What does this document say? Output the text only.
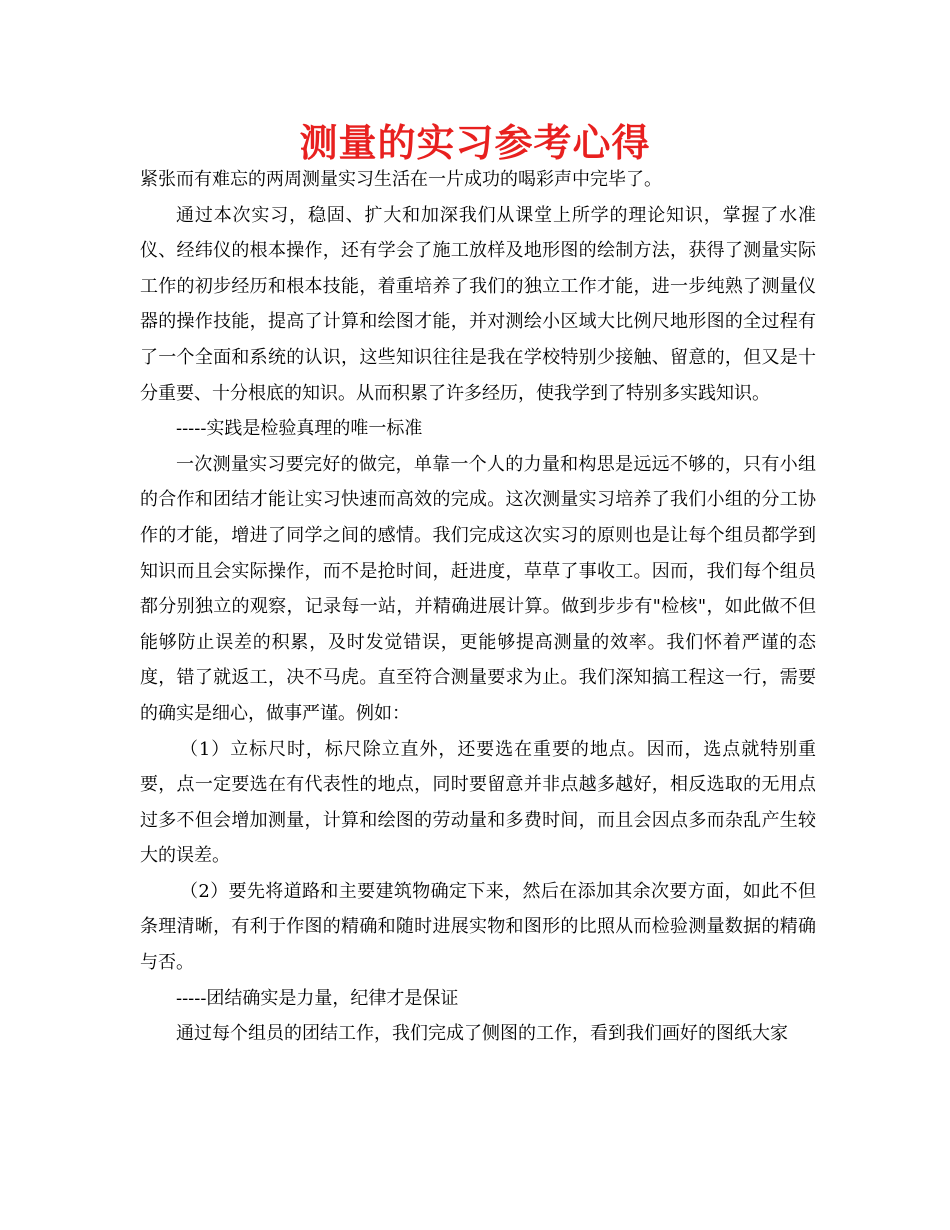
测量的实习参考心得

紧张而有难忘的两周测量实习生活在一片成功的喝彩声中完毕了。

通过本次实习，稳固、扩大和加深我们从课堂上所学的理论知识，掌握了水准仪、经纬仪的根本操作，还有学会了施工放样及地形图的绘制方法，获得了测量实际工作的初步经历和根本技能，着重培养了我们的独立工作才能，进一步纯熟了测量仪器的操作技能，提高了计算和绘图才能，并对测绘小区域大比例尺地形图的全过程有了一个全面和系统的认识，这些知识往往是我在学校特别少接触、留意的，但又是十分重要、十分根底的知识。从而积累了许多经历，使我学到了特别多实践知识。

-----实践是检验真理的唯一标准

一次测量实习要完好的做完，单靠一个人的力量和构思是远远不够的，只有小组的合作和团结才能让实习快速而高效的完成。这次测量实习培养了我们小组的分工协作的才能，增进了同学之间的感情。我们完成这次实习的原则也是让每个组员都学到知识而且会实际操作，而不是抢时间，赶进度，草草了事收工。因而，我们每个组员都分别独立的观察，记录每一站，并精确进展计算。做到步步有"检核"，如此做不但能够防止误差的积累，及时发觉错误，更能够提高测量的效率。我们怀着严谨的态度，错了就返工，决不马虎。直至符合测量要求为止。我们深知搞工程这一行，需要的确实是细心，做事严谨。例如：

（1）立标尺时，标尺除立直外，还要选在重要的地点。因而，选点就特别重要，点一定要选在有代表性的地点，同时要留意并非点越多越好，相反选取的无用点过多不但会增加测量，计算和绘图的劳动量和多费时间，而且会因点多而杂乱产生较大的误差。

（2）要先将道路和主要建筑物确定下来，然后在添加其余次要方面，如此不但条理清晰，有利于作图的精确和随时进展实物和图形的比照从而检验测量数据的精确与否。

-----团结确实是力量，纪律才是保证

通过每个组员的团结工作，我们完成了侧图的工作，看到我们画好的图纸大家
